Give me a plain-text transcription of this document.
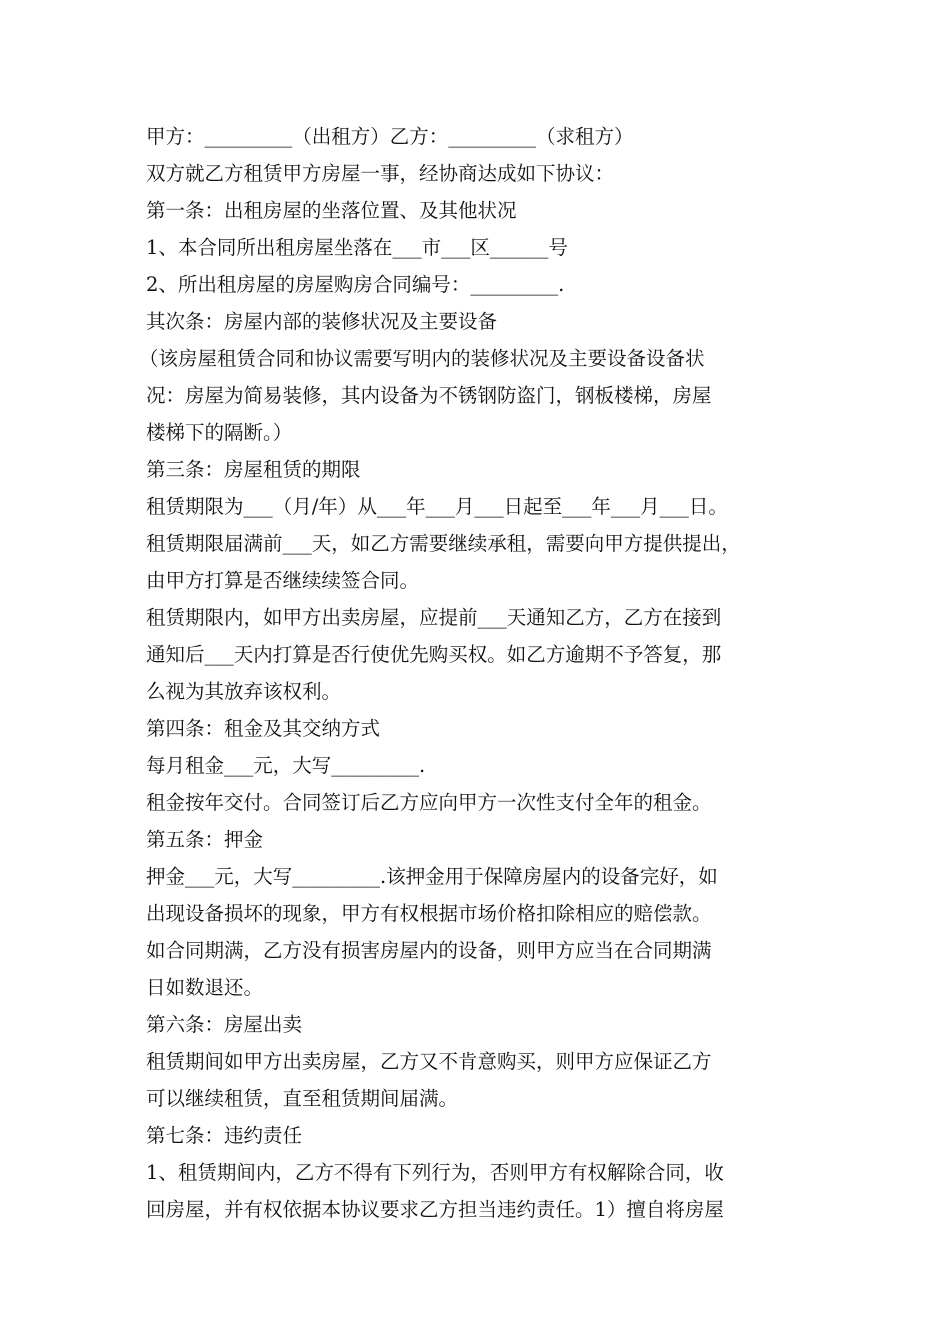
甲方：_________（出租方）乙方：_________（求租方）
双方就乙方租赁甲方房屋一事，经协商达成如下协议：
第一条：出租房屋的坐落位置、及其他状况
1、本合同所出租房屋坐落在___市___区______号
2、所出租房屋的房屋购房合同编号：_________.
其次条：房屋内部的装修状况及主要设备
（该房屋租赁合同和协议需要写明内的装修状况及主要设备设备状
况：房屋为简易装修，其内设备为不锈钢防盗门，钢板楼梯，房屋
楼梯下的隔断。）
第三条：房屋租赁的期限
租赁期限为___（月/年）从___年___月___日起至___年___月___日。
租赁期限届满前___天，如乙方需要继续承租，需要向甲方提供提出，
由甲方打算是否继续续签合同。
租赁期限内，如甲方出卖房屋，应提前___天通知乙方，乙方在接到
通知后___天内打算是否行使优先购买权。如乙方逾期不予答复，那
么视为其放弃该权利。
第四条：租金及其交纳方式
每月租金___元，大写_________.
租金按年交付。合同签订后乙方应向甲方一次性支付全年的租金。
第五条：押金
押金___元，大写_________.该押金用于保障房屋内的设备完好，如
出现设备损坏的现象，甲方有权根据市场价格扣除相应的赔偿款。
如合同期满，乙方没有损害房屋内的设备，则甲方应当在合同期满
日如数退还。
第六条：房屋出卖
租赁期间如甲方出卖房屋，乙方又不肯意购买，则甲方应保证乙方
可以继续租赁，直至租赁期间届满。
第七条：违约责任
1、租赁期间内，乙方不得有下列行为，否则甲方有权解除合同，收
回房屋，并有权依据本协议要求乙方担当违约责任。1）擅自将房屋
